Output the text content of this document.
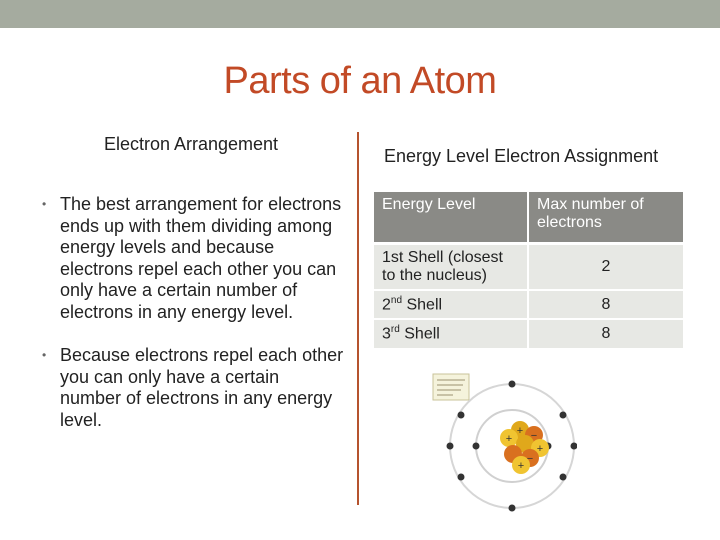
Parts of an Atom
Electron Arrangement
• The best arrangement for electrons ends up with them dividing among energy levels and because electrons repel each other you can only have a certain number of electrons in any energy level.
• Because electrons repel each other you can only have a certain number of electrons in any energy level.
Energy Level Electron Assignment
Energy Level	Max number of electrons
1st Shell (closest to the nucleus)	2
2nd Shell	8
3rd Shell	8
+ −
+
+
−
+
